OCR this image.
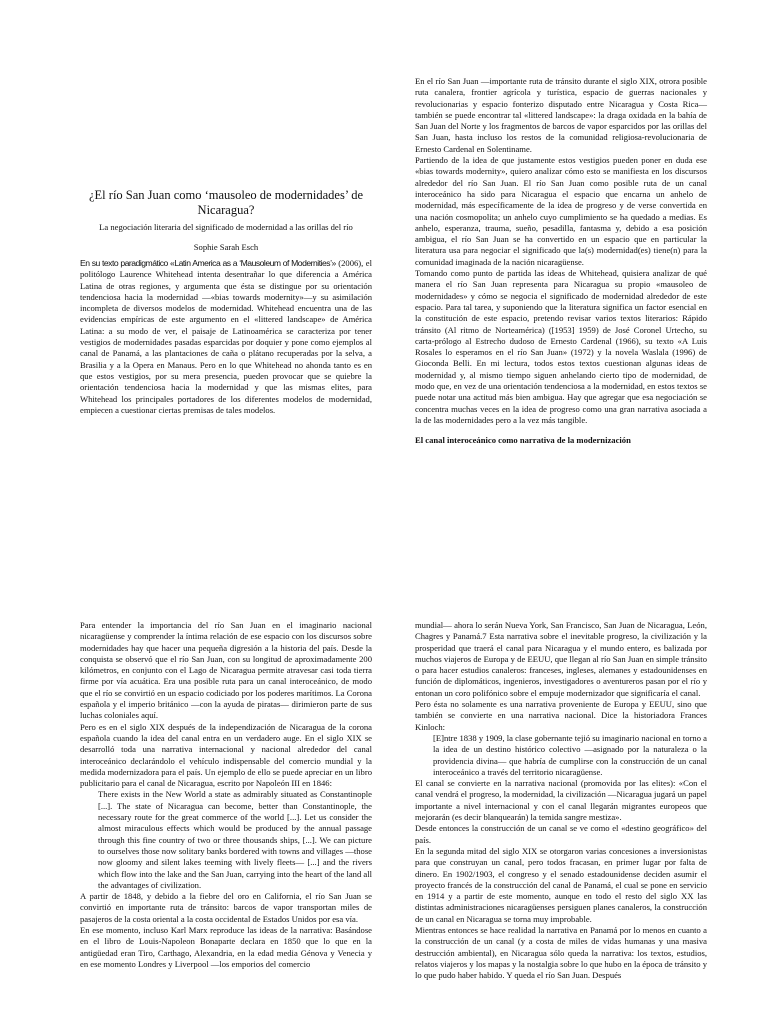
¿El río San Juan como ‘mausoleo de modernidades’ de Nicaragua?
La negociación literaria del significado de modernidad a las orillas del río
Sophie Sarah Esch

En su texto paradigmático «Latin America as a ‘Mausoleum of Modernities’» (2006), el politólogo Laurence Whitehead intenta desentrañar lo que diferencia a América Latina de otras regiones, y argumenta que ésta se distingue por su orientación tendenciosa hacia la modernidad —«bias towards modernity»—y su asimilación incompleta de diversos modelos de modernidad. Whitehead encuentra una de las evidencias empíricas de este argumento en el «littered landscape» de América Latina: a su modo de ver, el paisaje de Latinoamérica se caracteriza por tener vestigios de modernidades pasadas esparcidas por doquier y pone como ejemplos al canal de Panamá, a las plantaciones de caña o plátano recuperadas por la selva, a Brasilia y a la Opera en Manaus. Pero en lo que Whitehead no ahonda tanto es en que estos vestigios, por su mera presencia, pueden provocar que se quiebre la orientación tendenciosa hacia la modernidad y que las mismas elites, para Whitehead los principales portadores de los diferentes modelos de modernidad, empiecen a cuestionar ciertas premisas de tales modelos.

En el río San Juan —importante ruta de tránsito durante el siglo XIX, otrora posible ruta canalera, frontier agrícola y turística, espacio de guerras nacionales y revolucionarias y espacio fonterizo disputado entre Nicaragua y Costa Rica— también se puede encontrar tal «littered landscape»: la draga oxidada en la bahía de San Juan del Norte y los fragmentos de barcos de vapor esparcidos por las orillas del San Juan, hasta incluso los restos de la comunidad religiosa-revolucionaria de Ernesto Cardenal en Solentiname.

Partiendo de la idea de que justamente estos vestigios pueden poner en duda ese «bias towards modernity», quiero analizar cómo esto se manifiesta en los discursos alrededor del río San Juan. El río San Juan como posible ruta de un canal interoceánico ha sido para Nicaragua el espacio que encarna un anhelo de modernidad, más específicamente de la idea de progreso y de verse convertida en una nación cosmopolita; un anhelo cuyo cumplimiento se ha quedado a medias. Es anhelo, esperanza, trauma, sueño, pesadilla, fantasma y, debido a esa posición ambigua, el río San Juan se ha convertido en un espacio que en particular la literatura usa para negociar el significado que la(s) modernidad(es) tiene(n) para la comunidad imaginada de la nación nicaragüense.

Tomando como punto de partida las ideas de Whitehead, quisiera analizar de qué manera el río San Juan representa para Nicaragua su propio «mausoleo de modernidades» y cómo se negocia el significado de modernidad alrededor de este espacio. Para tal tarea, y suponiendo que la literatura significa un factor esencial en la constitución de este espacio, pretendo revisar varios textos literarios: Rápido tránsito (Al ritmo de Norteamérica) ([1953] 1959) de José Coronel Urtecho, su carta-prólogo al Estrecho dudoso de Ernesto Cardenal (1966), su texto «A Luis Rosales lo esperamos en el río San Juan» (1972) y la novela Waslala (1996) de Gioconda Belli. En mi lectura, todos estos textos cuestionan algunas ideas de modernidad y, al mismo tiempo siguen anhelando cierto tipo de modernidad, de modo que, en vez de una orientación tendenciosa a la modernidad, en estos textos se puede notar una actitud más bien ambigua. Hay que agregar que esa negociación se concentra muchas veces en la idea de progreso como una gran narrativa asociada a la de las modernidades pero a la vez más tangible.

El canal interoceánico como narrativa de la modernización

Para entender la importancia del río San Juan en el imaginario nacional nicaragüense y comprender la íntima relación de ese espacio con los discursos sobre modernidades hay que hacer una pequeña digresión a la historia del país. Desde la conquista se observó que el río San Juan, con su longitud de aproximadamente 200 kilómetros, en conjunto con el Lago de Nicaragua permite atravesar casi toda tierra firme por vía acuática. Era una posible ruta para un canal interoceánico, de modo que el río se convirtió en un espacio codiciado por los poderes marítimos. La Corona española y el imperio británico —con la ayuda de piratas— dirimieron parte de sus luchas coloniales aquí.

Pero es en el siglo XIX después de la independización de Nicaragua de la corona española cuando la idea del canal entra en un verdadero auge. En el siglo XIX se desarrolló toda una narrativa internacional y nacional alrededor del canal interoceánico declarándolo el vehículo indispensable del comercio mundial y la medida modernizadora para el país. Un ejemplo de ello se puede apreciar en un libro publicitario para el canal de Nicaragua, escrito por Napoleón III en 1846:

There exists in the New World a state as admirably situated as Constantinople [...]. The state of Nicaragua can become, better than Constantinople, the necessary route for the great commerce of the world [...]. Let us consider the almost miraculous effects which would be produced by the annual passage through this fine country of two or three thousands ships, [...]. We can picture to ourselves those now solitary banks bordered with towns and villages —those now gloomy and silent lakes teeming with lively fleets— [...] and the rivers which flow into the lake and the San Juan, carrying into the heart of the land all the advantages of civilization.

A partir de 1848, y debido a la fiebre del oro en California, el río San Juan se convirtió en importante ruta de tránsito: barcos de vapor transportan miles de pasajeros de la costa oriental a la costa occidental de Estados Unidos por esa vía.

En ese momento, incluso Karl Marx reproduce las ideas de la narrativa: Basándose en el libro de Louis-Napoleon Bonaparte declara en 1850 que lo que en la antigüedad eran Tiro, Carthago, Alexandria, en la edad media Génova y Venecia y en ese momento Londres y Liverpool —los emporios del comercio

mundial— ahora lo serán Nueva York, San Francisco, San Juan de Nicaragua, León, Chagres y Panamá.7 Esta narrativa sobre el inevitable progreso, la civilización y la prosperidad que traerá el canal para Nicaragua y el mundo entero, es balizada por muchos viajeros de Europa y de EEUU, que llegan al río San Juan en simple tránsito o para hacer estudios canaleros: franceses, ingleses, alemanes y estadounidenses en función de diplomáticos, ingenieros, investigadores o aventureros pasan por el río y entonan un coro polifónico sobre el empuje modernizador que significaría el canal.

Pero ésta no solamente es una narrativa proveniente de Europa y EEUU, sino que también se convierte en una narrativa nacional. Dice la historiadora Frances Kinloch:

[E]ntre 1838 y 1909, la clase gobernante tejió su imaginario nacional en torno a la idea de un destino histórico colectivo —asignado por la naturaleza o la providencia divina— que habría de cumplirse con la construcción de un canal interoceánico a través del territorio nicaragüense.

El canal se convierte en la narrativa nacional (promovida por las elites): «Con el canal vendrá el progreso, la modernidad, la civilización —Nicaragua jugará un papel importante a nivel internacional y con el canal llegarán migrantes europeos que mejorarán (es decir blanquearán) la temida sangre mestiza».

Desde entonces la construcción de un canal se ve como el «destino geográfico» del país.

En la segunda mitad del siglo XIX se otorgaron varias concesiones a inversionistas para que construyan un canal, pero todos fracasan, en primer lugar por falta de dinero. En 1902/1903, el congreso y el senado estadounidense deciden asumir el proyecto francés de la construcción del canal de Panamá, el cual se pone en servicio en 1914 y a partir de este momento, aunque en todo el resto del siglo XX las distintas administraciones nicaragüenses persiguen planes canaleros, la construcción de un canal en Nicaragua se torna muy improbable.

Mientras entonces se hace realidad la narrativa en Panamá por lo menos en cuanto a la construcción de un canal (y a costa de miles de vidas humanas y una masiva destrucción ambiental), en Nicaragua sólo queda la narrativa: los textos, estudios, relatos viajeros y los mapas y la nostalgia sobre lo que hubo en la época de tránsito y lo que pudo haber habido. Y queda el río San Juan. Después
